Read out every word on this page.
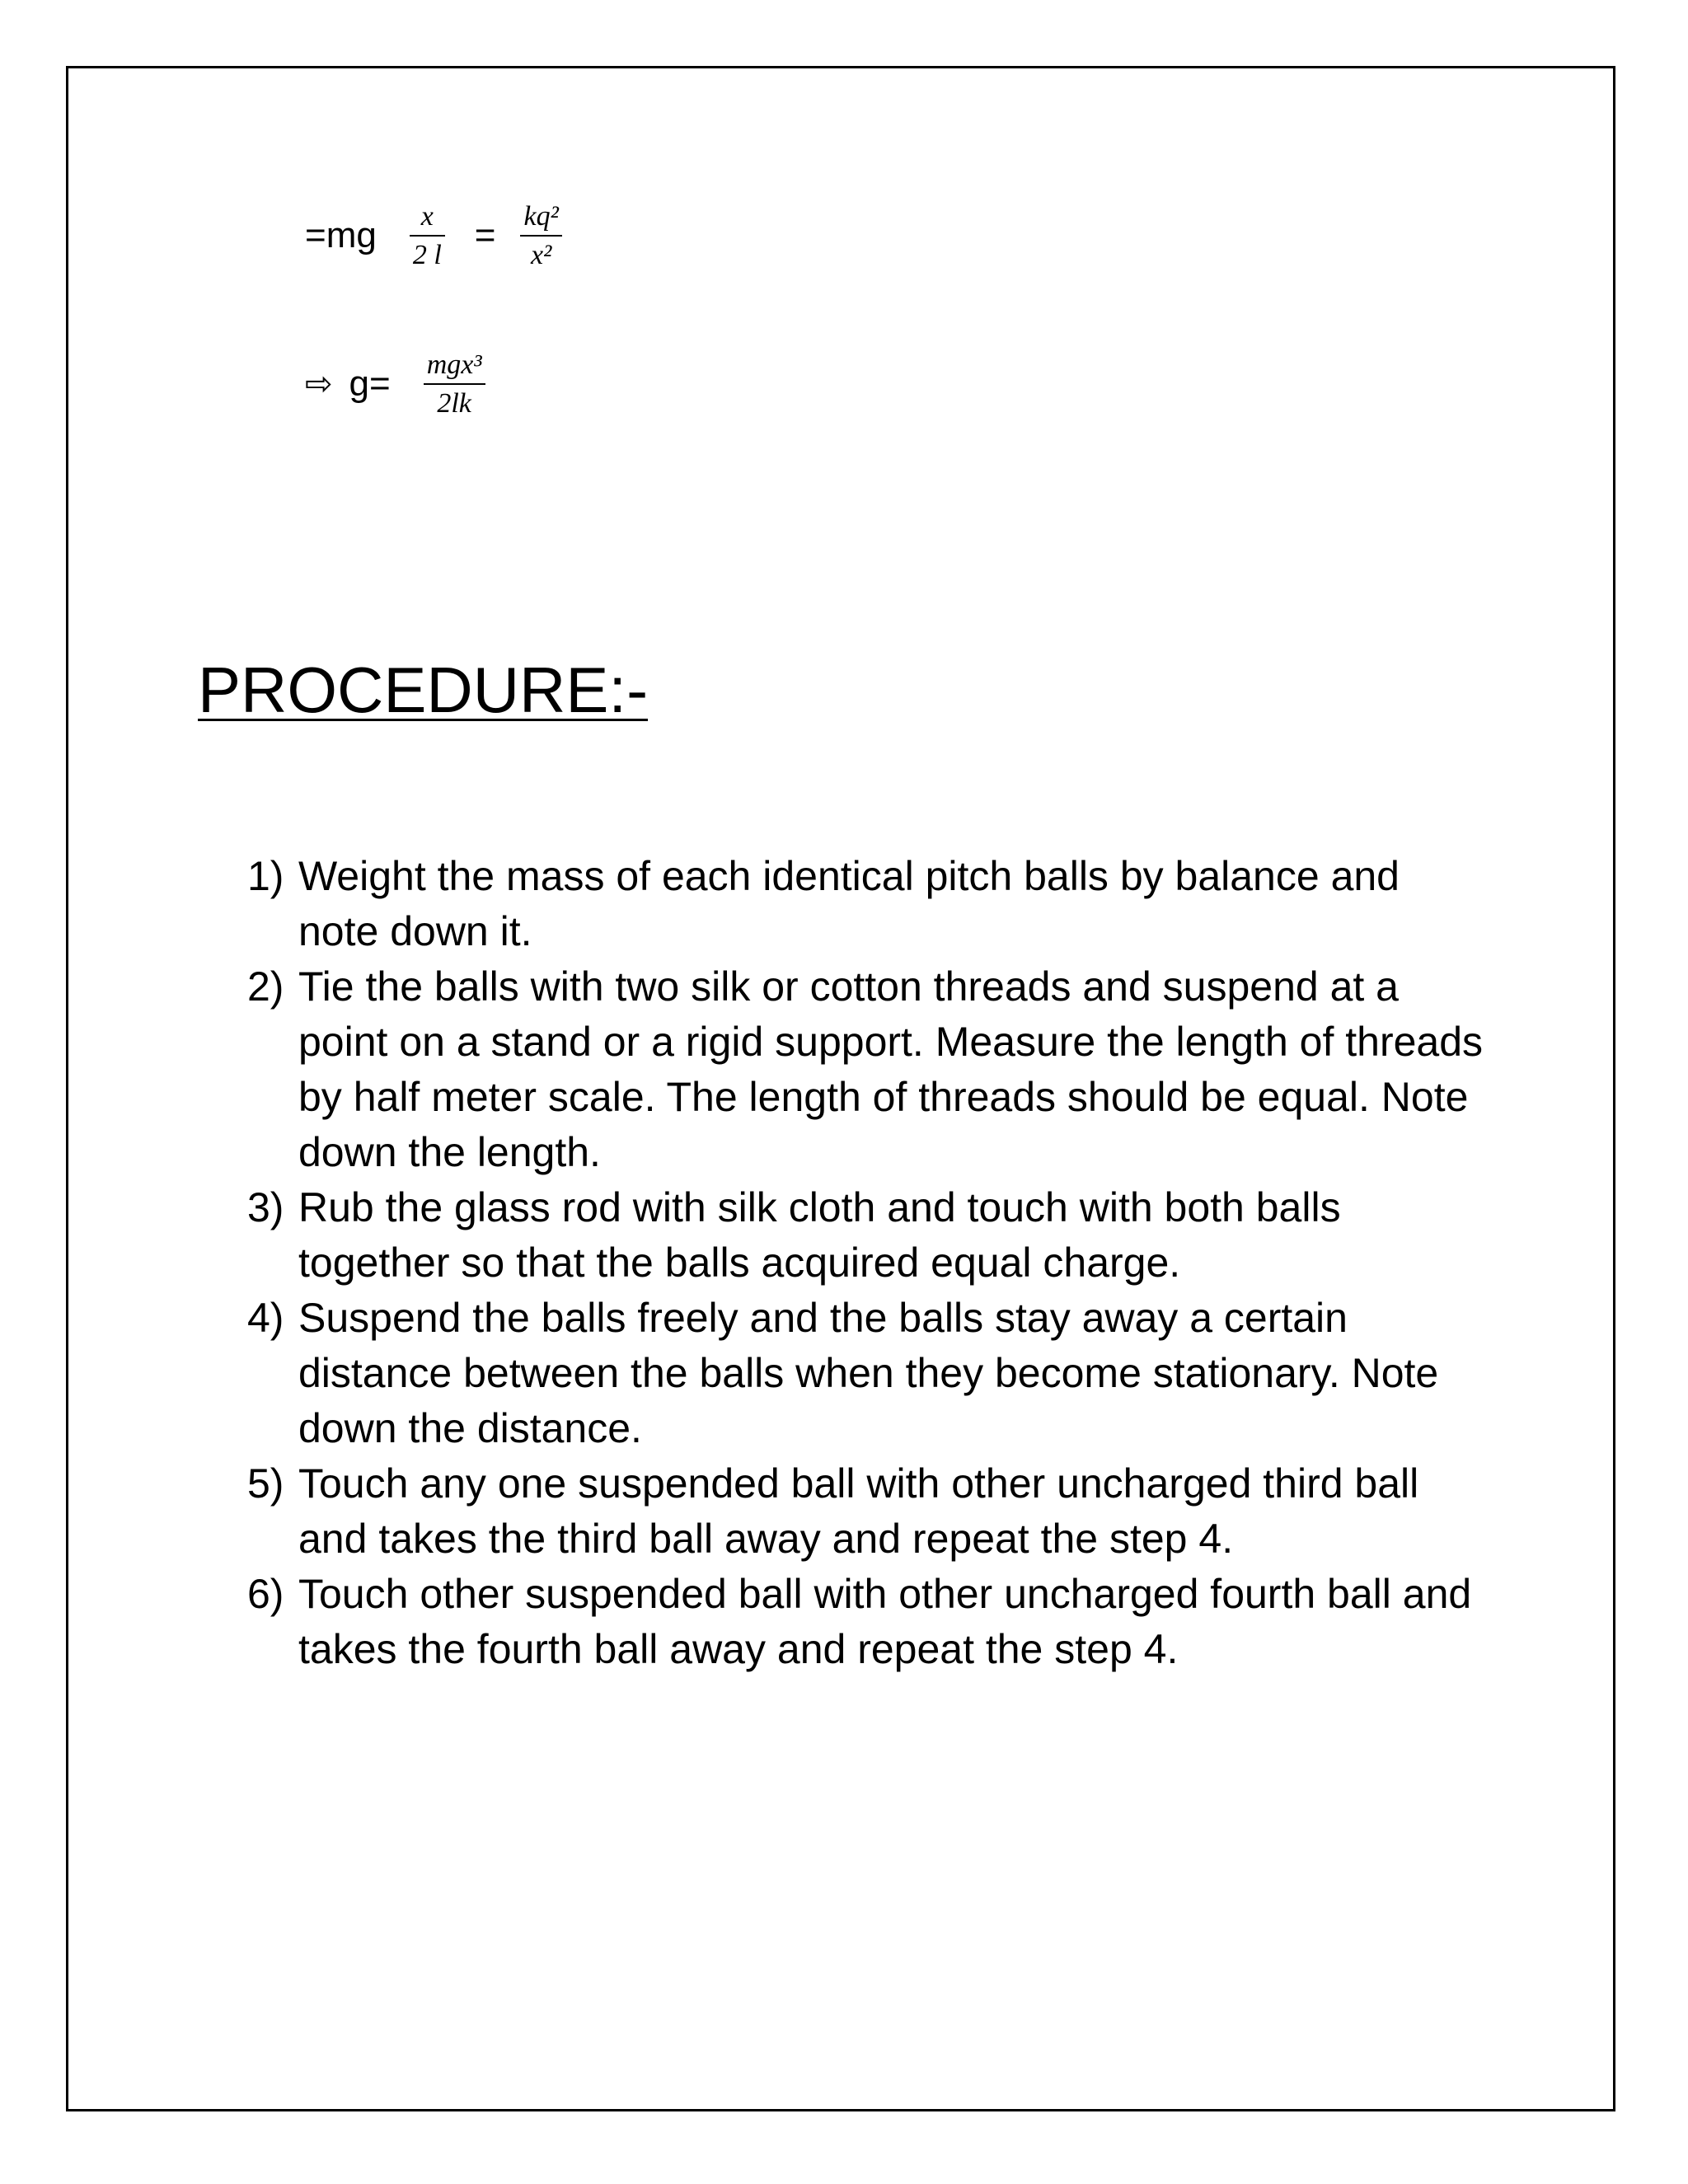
$=mg \frac{x}{2 l} = \frac{\text{kq²}}{\text{x²}}$
⇨ $g= \frac{\text{mgx³}}{2lk}$
PROCEDURE:-
1) Weight the mass of each identical pitch balls by balance and note down it.
2) Tie the balls with two silk or cotton threads and suspend at a point on a stand or a rigid support. Measure the length of threads by half meter scale. The length of threads should be equal. Note down the length.
3) Rub the glass rod with silk cloth and touch with both balls together so that the balls acquired equal charge.
4) Suspend the balls freely and the balls stay away a certain distance between the balls when they become stationary. Note down the distance.
5) Touch any one suspended ball with other uncharged third ball and takes the third ball away and repeat the step 4.
6) Touch other suspended ball with other uncharged fourth ball and takes the fourth ball away and repeat the step 4.
